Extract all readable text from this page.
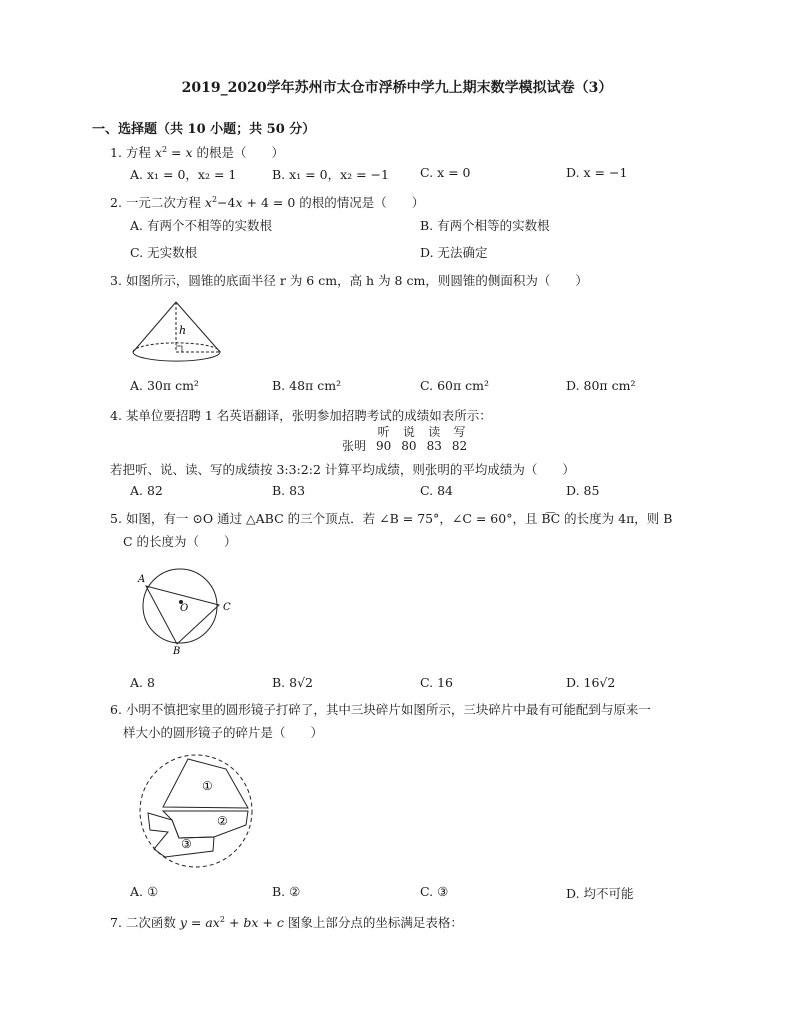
2019_2020学年苏州市太仓市浮桥中学九上期末数学模拟试卷（3）
一、选择题（共 10 小题；共 50 分）
1. 方程 $x^2 = x$ 的根是（　　）
A. x₁ = 0，x₂ = 1	B. x₁ = 0，x₂ = −1 C. x = 0	D. x = −1
2. 一元二次方程 $x^2-4x + 4 = 0$ 的根的情况是（　　）
A. 有两个不相等的实数根	B. 有两个相等的实数根
C. 无实数根	D. 无法确定
3. 如图所示，圆锥的底面半径 r 为 6 cm，高 h 为 8 cm，则圆锥的侧面积为（　　）
h
A. 30π cm²	B. 48π cm²	C. 60π cm²	D. 80π cm²
4. 某单位要招聘 1 名英语翻译，张明参加招聘考试的成绩如表所示：
	听	说	读	写
张明	90	80	83	82
若把听、说、读、写的成绩按 3:3:2:2 计算平均成绩，则张明的平均成绩为（　　）
A. 82	B. 83	C. 84	D. 85
5. 如图，有一 ⊙O 通过 △ABC 的三个顶点．若 ∠B = 75°，∠C = 60°，且 B͡C 的长度为 4π，则 B
C 的长度为（　　）
A
B
C
O
A. 8	B. 8√2	C. 16	D. 16√2
6. 小明不慎把家里的圆形镜子打碎了，其中三块碎片如图所示，三块碎片中最有可能配到与原来一
样大小的圆形镜子的碎片是（　　）
①
②
③
A. ①	B. ②	C. ③	D. 均不可能
7. 二次函数 $y = ax^2$ + bx + c 图象上部分点的坐标满足表格：
